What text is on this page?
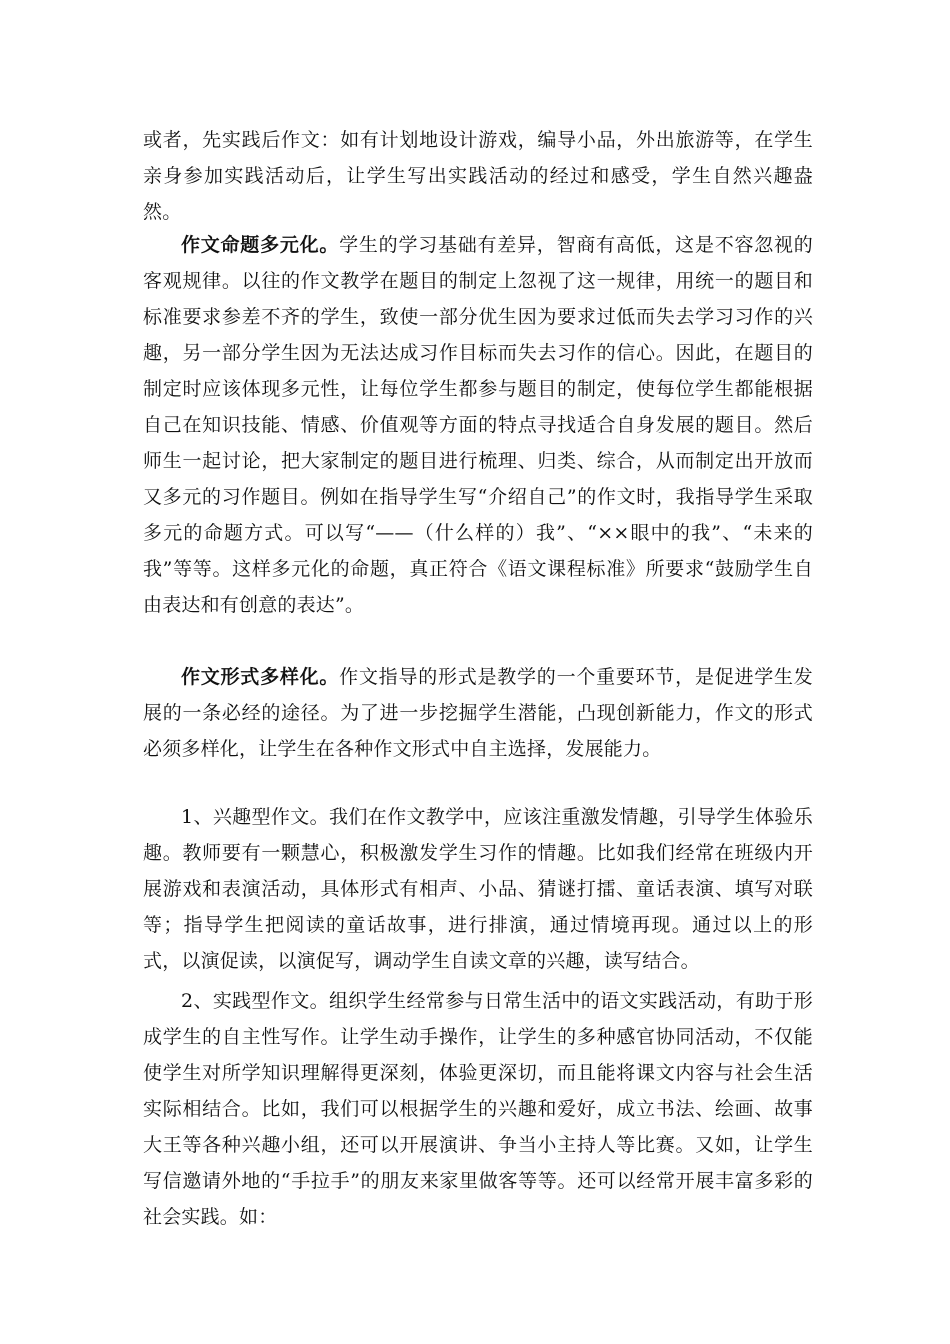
或者，先实践后作文：如有计划地设计游戏，编导小品，外出旅游等，在学生亲身参加实践活动后，让学生写出实践活动的经过和感受，学生自然兴趣盎然。

作文命题多元化。学生的学习基础有差异，智商有高低，这是不容忽视的客观规律。以往的作文教学在题目的制定上忽视了这一规律，用统一的题目和标准要求参差不齐的学生，致使一部分优生因为要求过低而失去学习习作的兴趣，另一部分学生因为无法达成习作目标而失去习作的信心。因此，在题目的制定时应该体现多元性，让每位学生都参与题目的制定，使每位学生都能根据自己在知识技能、情感、价值观等方面的特点寻找适合自身发展的题目。然后师生一起讨论，把大家制定的题目进行梳理、归类、综合，从而制定出开放而又多元的习作题目。例如在指导学生写“介绍自己”的作文时，我指导学生采取多元的命题方式。可以写“——（什么样的）我”、“××眼中的我”、“未来的我”等等。这样多元化的命题，真正符合《语文课程标准》所要求“鼓励学生自由表达和有创意的表达”。

作文形式多样化。作文指导的形式是教学的一个重要环节，是促进学生发展的一条必经的途径。为了进一步挖掘学生潜能，凸现创新能力，作文的形式必须多样化，让学生在各种作文形式中自主选择，发展能力。

1、兴趣型作文。我们在作文教学中，应该注重激发情趣，引导学生体验乐趣。教师要有一颗慧心，积极激发学生习作的情趣。比如我们经常在班级内开展游戏和表演活动，具体形式有相声、小品、猜谜打擂、童话表演、填写对联等；指导学生把阅读的童话故事，进行排演，通过情境再现。通过以上的形式，以演促读，以演促写，调动学生自读文章的兴趣，读写结合。

2、实践型作文。组织学生经常参与日常生活中的语文实践活动，有助于形成学生的自主性写作。让学生动手操作，让学生的多种感官协同活动，不仅能使学生对所学知识理解得更深刻，体验更深切，而且能将课文内容与社会生活实际相结合。比如，我们可以根据学生的兴趣和爱好，成立书法、绘画、故事大王等各种兴趣小组，还可以开展演讲、争当小主持人等比赛。又如，让学生写信邀请外地的“手拉手”的朋友来家里做客等等。还可以经常开展丰富多彩的社会实践。如：
